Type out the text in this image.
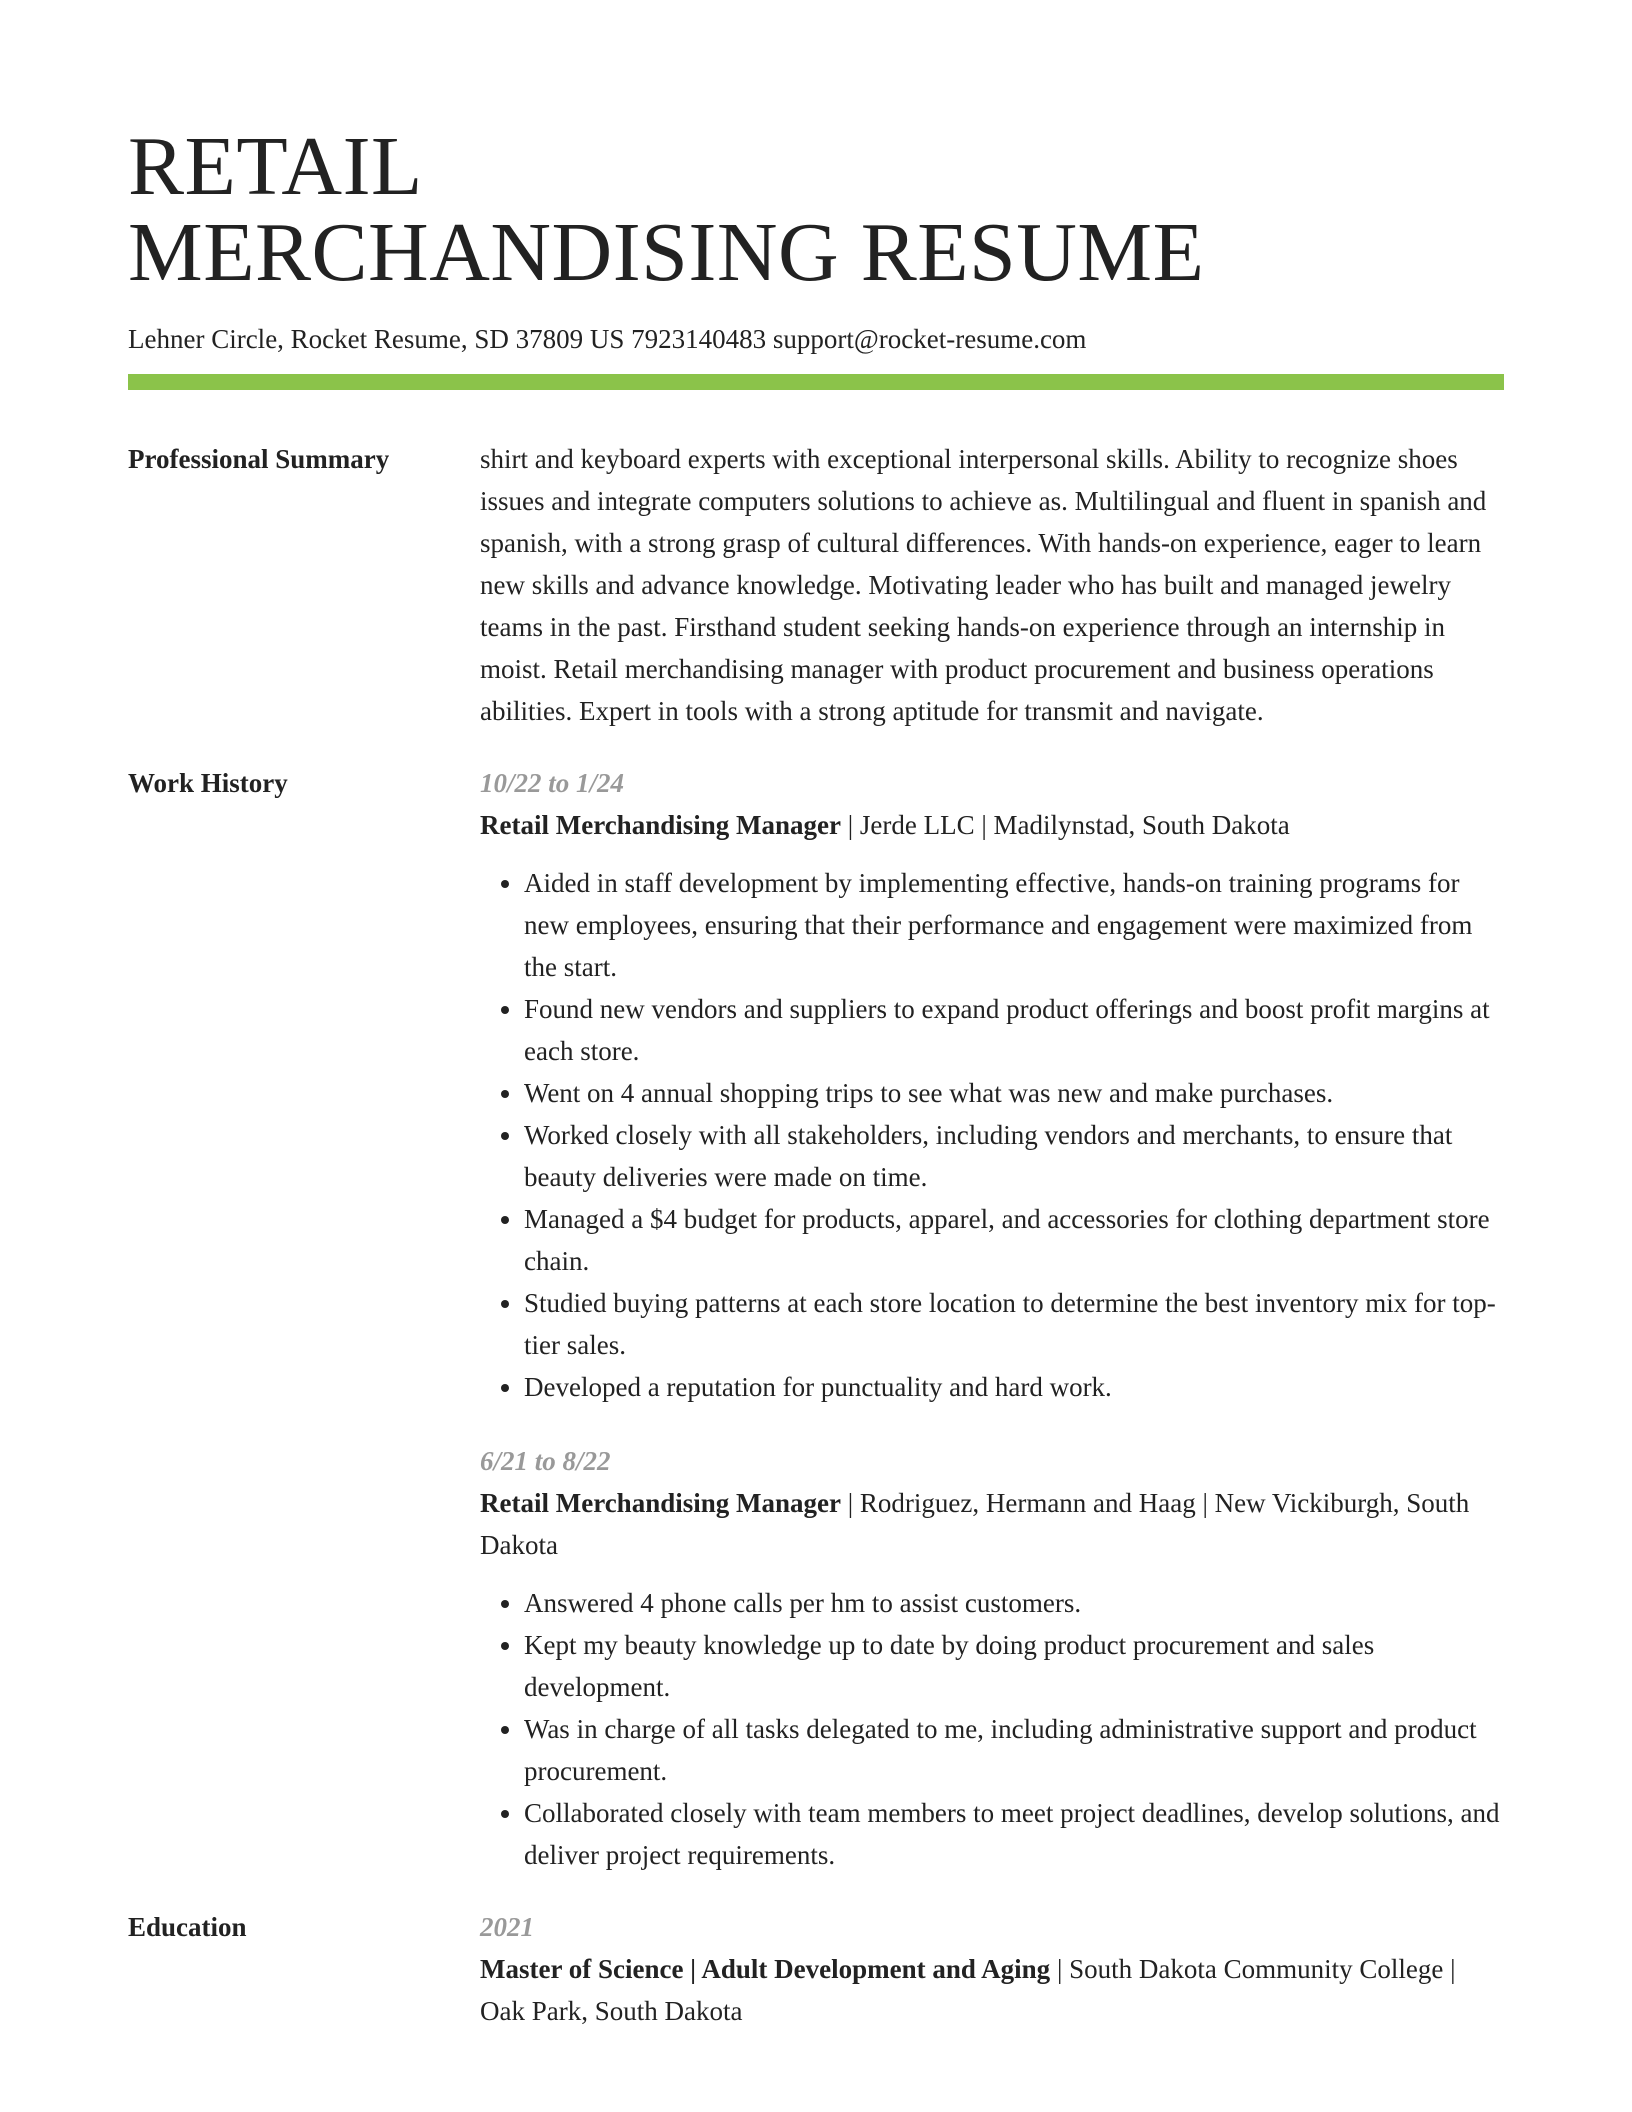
RETAIL
MERCHANDISING RESUME
Lehner Circle, Rocket Resume, SD 37809 US 7923140483 support@rocket-resume.com
Professional Summary	shirt and keyboard experts with exceptional interpersonal skills. Ability to recognize shoes issues and integrate computers solutions to achieve as. Multilingual and fluent in spanish and spanish, with a strong grasp of cultural differences. With hands-on experience, eager to learn new skills and advance knowledge. Motivating leader who has built and managed jewelry teams in the past. Firsthand student seeking hands-on experience through an internship in moist. Retail merchandising manager with product procurement and business operations abilities. Expert in tools with a strong aptitude for transmit and navigate.
Work History	10/22 to 1/24
Retail Merchandising Manager | Jerde LLC | Madilynstad, South Dakota
• Aided in staff development by implementing effective, hands-on training programs for new employees, ensuring that their performance and engagement were maximized from the start.
• Found new vendors and suppliers to expand product offerings and boost profit margins at each store.
• Went on 4 annual shopping trips to see what was new and make purchases.
• Worked closely with all stakeholders, including vendors and merchants, to ensure that beauty deliveries were made on time.
• Managed a $4 budget for products, apparel, and accessories for clothing department store chain.
• Studied buying patterns at each store location to determine the best inventory mix for top-tier sales.
• Developed a reputation for punctuality and hard work.
6/21 to 8/22
Retail Merchandising Manager | Rodriguez, Hermann and Haag | New Vickiburgh, South Dakota
• Answered 4 phone calls per hm to assist customers.
• Kept my beauty knowledge up to date by doing product procurement and sales development.
• Was in charge of all tasks delegated to me, including administrative support and product procurement.
• Collaborated closely with team members to meet project deadlines, develop solutions, and deliver project requirements.
Education	2021
Master of Science | Adult Development and Aging | South Dakota Community College | Oak Park, South Dakota
